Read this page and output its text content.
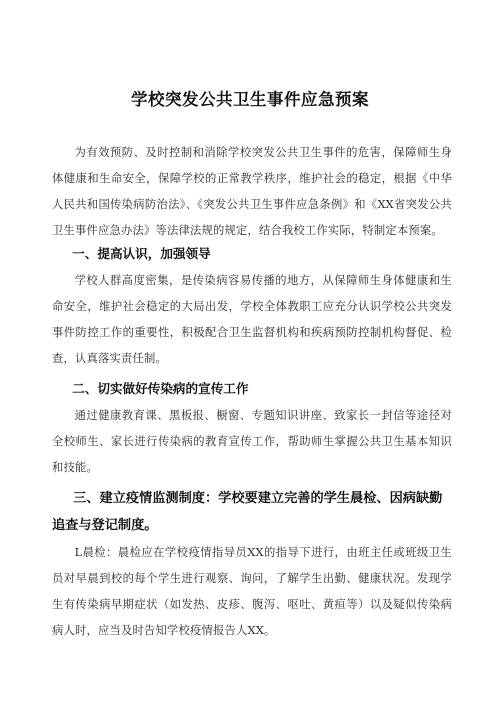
学校突发公共卫生事件应急预案

为有效预防、及时控制和消除学校突发公共卫生事件的危害，保障师生身体健康和生命安全，保障学校的正常教学秩序，维护社会的稳定，根据《中华人民共和国传染病防治法》、《突发公共卫生事件应急条例》和《XX省突发公共卫生事件应急办法》等法律法规的规定，结合我校工作实际，特制定本预案。

一、提高认识，加强领导

学校人群高度密集，是传染病容易传播的地方，从保障师生身体健康和生命安全，维护社会稳定的大局出发，学校全体教职工应充分认识学校公共突发事件防控工作的重要性，积极配合卫生监督机构和疾病预防控制机构督促、检查，认真落实责任制。

二、切实做好传染病的宣传工作

通过健康教育课、黑板报、橱窗、专题知识讲座、致家长一封信等途径对全校师生、家长进行传染病的教育宣传工作，帮助师生掌握公共卫生基本知识和技能。

三、建立疫情监测制度：学校要建立完善的学生晨检、因病缺勤追查与登记制度。

L晨检：晨检应在学校疫情指导员XX的指导下进行，由班主任或班级卫生员对早晨到校的每个学生进行观察、询问，了解学生出勤、健康状况。发现学生有传染病早期症状（如发热、皮疹、腹泻、呕吐、黄疸等）以及疑似传染病病人时，应当及时告知学校疫情报告人XX。
